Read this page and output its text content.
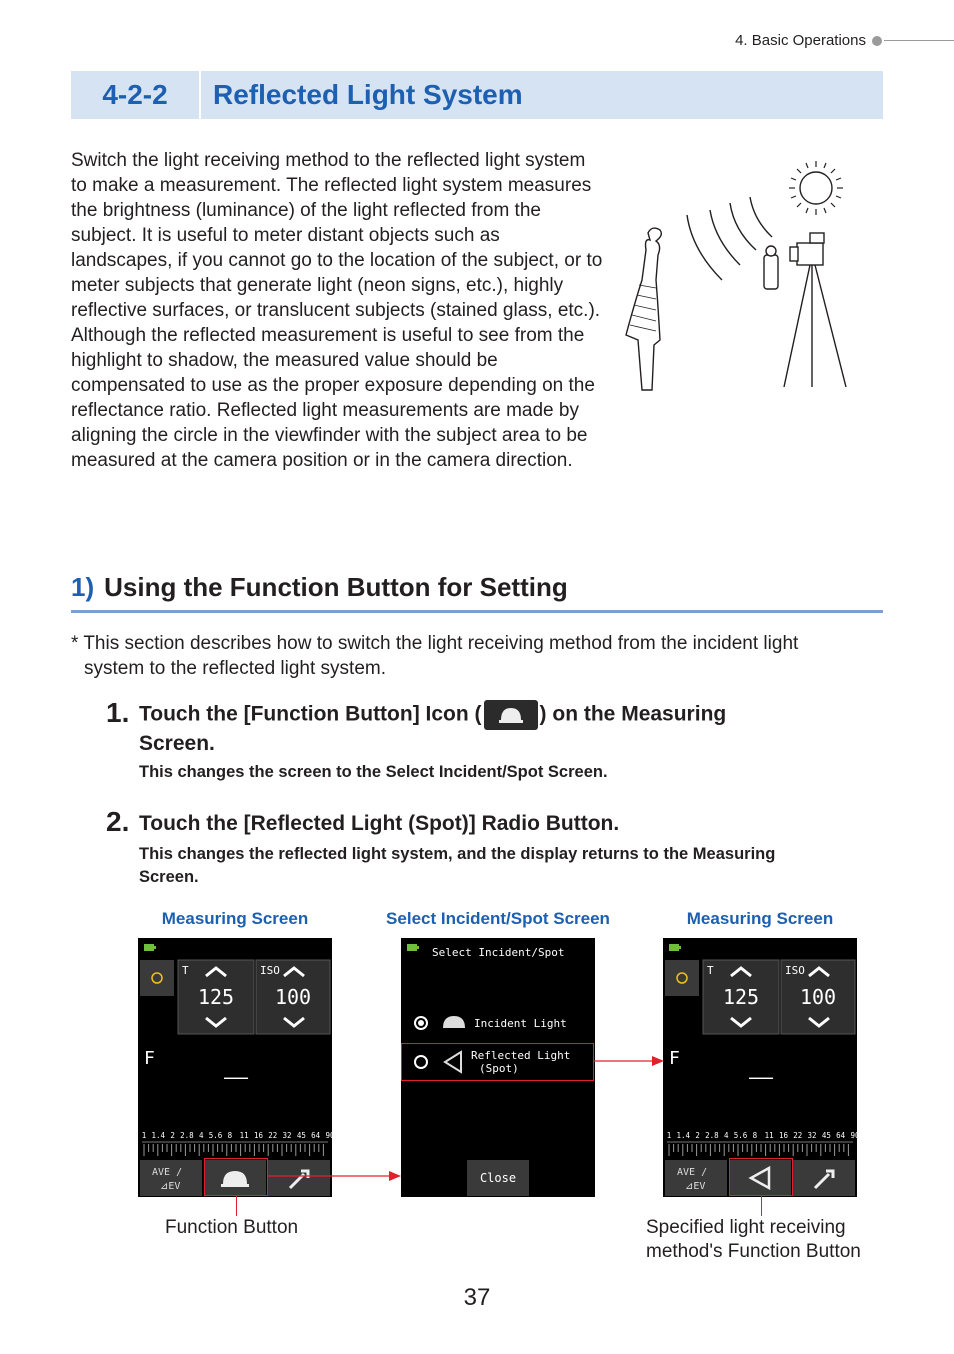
4. Basic Operations
4-2-2	Reflected Light System
Switch the light receiving method to the reflected light system to make a measurement. The reflected light system measures the brightness (luminance) of the light reflected from the subject. It is useful to meter distant objects such as landscapes, if you cannot go to the location of the subject, or to meter subjects that generate light (neon signs, etc.), highly reflective surfaces, or translucent subjects (stained glass, etc.). Although the reflected measurement is useful to see from the highlight to shadow, the measured value should be compensated to use as the proper exposure depending on the reflectance ratio. Reflected light measurements are made by aligning the circle in the viewfinder with the subject area to be measured at the camera position or in the camera direction.
1) Using the Function Button for Setting
* This section describes how to switch the light receiving method from the incident light
system to the reflected light system.
1. Touch the [Function Button] Icon (	) on the Measuring
Screen.
This changes the screen to the Select Incident/Spot Screen.
2. Touch the [Reflected Light (Spot)] Radio Button.
This changes the reflected light system, and the display returns to the Measuring
Screen.
Measuring Screen	Select Incident/Spot Screen	Measuring Screen
T	ISO
125 100
F
——
1 1.4 2 2.8 4 5.6 8 11 16 22 32 45 64 90
AVE /
⊿EV
Select Incident/Spot
Incident Light
Reflected Light
(Spot)
Close
T	ISO
125 100
F
——
1 1.4 2 2.8 4 5.6 8 11 16 22 32 45 64 90
AVE /
⊿EV
Function Button	Specified light receiving
method's Function Button
37
